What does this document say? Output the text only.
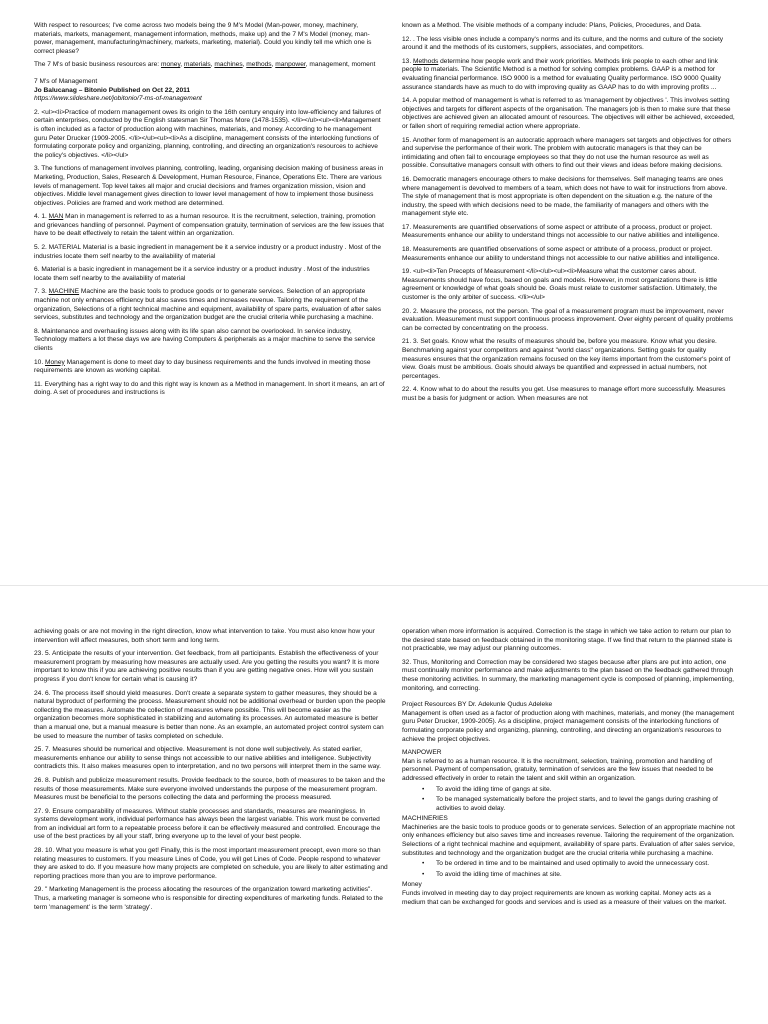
With respect to resources; I've come across two models being the 9 M's Model (Man-power, money, machinery, materials, markets, management, management information, methods, make up) and the 7 M's Model (money, man-power, management, manufacturing/machinery, markets, marketing, material). Could you kindly tell me which one is correct please?

The 7 M's of basic business resources are: money, materials, machines, methods, manpower, management, moment

7 M's of Management
Jo Balucanag – Bitonio Published on Oct 22, 2011
https://www.slideshare.net/jobitonio/7-ms-of-management

2. <ul><li>Practice of modern management owes its origin to the 16th century enquiry into low-efficiency and failures of certain enterprises, conducted by the English statesman Sir Thomas More (1478-1535). </li></ul><ul><li>Management is often included as a factor of production along with machines, materials, and money. According to he management guru Peter Drucker (1909-2005. </li></ul><ul><li>As a discipline, management consists of the interlocking functions of formulating corporate policy and organizing, planning, controlling, and directing an organization's resources to achieve the policy's objectives. </li></ul>

3. The functions of management involves planning, controlling, leading, organising decision making of business areas in Marketing, Production, Sales, Research & Development, Human Resource, Finance, Operations Etc. There are various levels of management. Top level takes all major and crucial decisions and frames organization mission, vision and objectives. Middle level management gives direction to lower level management of how to implement those business objectives. Policies are framed and work method are determined.

4. 1. MAN Man in management is referred to as a human resource. It is the recruitment, selection, training, promotion and grievances handling of personnel. Payment of compensation gratuity, termination of services are the few issues that have to be dealt effectively to retain the talent within an organization.

5. 2. MATERIAL Material is a basic ingredient in management be it a service industry or a product industry . Most of the industries locate them self nearby to the availability of material

6. Material is a basic ingredient in management be it a service industry or a product industry . Most of the industries locate them self nearby to the availability of material

7. 3. MACHINE Machine are the basic tools to produce goods or to generate services. Selection of an appropriate machine not only enhances efficiency but also saves times and increases revenue. Tailoring the requirement of the organization, Selections of a right technical machine and equipment, availability of spare parts, evaluation of after sales services, substitutes and technology and the organization budget are the crucial criteria while purchasing a machine.

8. Maintenance and overhauling issues along with its life span also cannot be overlooked. In service industry, Technology matters a lot these days we are having Computers & peripherals as a major machine to serve the service clients

10. Money Management is done to meet day to day business requirements and the funds involved in meeting those requirements are known as working capital.

11. Everything has a right way to do and this right way is known as a Method in management. In short it means, an art of doing. A set of procedures and instructions is

known as a Method. The visible methods of a company include: Plans, Policies, Procedures, and Data.

12. . The less visible ones include a company's norms and its culture, and the norms and culture of the society around it and the methods of its customers, suppliers, associates, and competitors.

13. Methods determine how people work and their work priorities. Methods link people to each other and link people to materials. The Scientific Method is a method for solving complex problems. GAAP is a method for evaluating financial performance. ISO 9000 is a method for evaluating Quality performance. ISO 9000 Quality assurance standards have as much to do with improving quality as GAAP has to do with improving profits ...

14. A popular method of management is what is referred to as 'management by objectives '. This involves setting objectives and targets for different aspects of the organisation. The managers job is then to make sure that these objectives are achieved given an allocated amount of resources. The objectives will either be achieved, exceeded, or fallen short of requiring remedial action where appropriate.

15. Another form of management is an autocratic approach where managers set targets and objectives for others and supervise the performance of their work. The problem with autocratic managers is that they can be intimidating and often fail to encourage employees so that they do not use the human resource as well as possible. Consultative managers consult with others to find out their views and ideas before making decisions.

16. Democratic managers encourage others to make decisions for themselves. Self managing teams are ones where management is devolved to members of a team, which does not have to wait for instructions from above. The style of management that is most appropriate is often dependent on the situation e.g. the nature of the industry, the speed with which decisions need to be made, the familiarity of managers and others with the management style etc.

17. Measurements are quantified observations of some aspect or attribute of a process, product or project. Measurements enhance our ability to understand things not accessible to our native abilities and intelligence.

18. Measurements are quantified observations of some aspect or attribute of a process, product or project. Measurements enhance our ability to understand things not accessible to our native abilities and intelligence.

19. <ul><li>Ten Precepts of Measurement </li></ul><ul><li>Measure what the customer cares about. Measurements should have focus, based on goals and models. However, in most organizations there is little agreement or knowledge of what goals should be. Goals must relate to customer satisfaction. Ultimately, the customer is the only arbiter of success. </li></ul>

20. 2. Measure the process, not the person. The goal of a measurement program must be improvement, never evaluation. Measurement must support continuous process improvement. Over eighty percent of quality problems can be corrected by concentrating on the process.

21. 3. Set goals. Know what the results of measures should be, before you measure. Know what you desire. Benchmarking against your competitors and against "world class" organizations. Setting goals for quality measures ensures that the organization remains focused on the key items important from the customer's point of view. Goals must be ambitious. Goals should always be quantified and expressed in actual numbers, not percentages.

22. 4. Know what to do about the results you get. Use measures to manage effort more successfully. Measures must be a basis for judgment or action. When measures are not

achieving goals or are not moving in the right direction, know what intervention to take. You must also know how your intervention will affect measures, both short term and long term.

23. 5. Anticipate the results of your intervention. Get feedback, from all participants. Establish the effectiveness of your measurement program by measuring how measures are actually used. Are you getting the results you want? It is more important to know this if you are achieving positive results than if you are getting negative ones. How will you sustain progress if you don't know for certain what is causing it?

24. 6. The process itself should yield measures. Don't create a separate system to gather measures, they should be a natural byproduct of performing the process. Measurement should not be additional overhead or burden upon the people collecting the measures. Automate the collection of measures where possible. This will become easier as the organization becomes more sophisticated in stabilizing and automating its processes. An automated measure is better than a manual one, but a manual measure is better than none. As an example, an automated project control system can be used to measure the number of tasks completed on schedule.

25. 7. Measures should be numerical and objective. Measurement is not done well subjectively. As stated earlier, measurements enhance our ability to sense things not accessible to our native abilities and intelligence. Subjectivity contradicts this. It also makes measures open to interpretation, and no two persons will interpret them in the same way.

26. 8. Publish and publicize measurement results. Provide feedback to the source, both of measures to be taken and the results of those measurements. Make sure everyone involved understands the purpose of the measurement program. Measures must be beneficial to the persons collecting the data and performing the process measured.

27. 9. Ensure comparability of measures. Without stable processes and standards, measures are meaningless. In systems development work, individual performance has always been the largest variable. This work must be converted from an individual art form to a repeatable process before it can be effectively measured and controlled. Encourage the use of the best practices by all your staff, bring everyone up to the level of your best people.

28. 10. What you measure is what you get! Finally, this is the most important measurement precept, even more so than relating measures to customers. If you measure Lines of Code, you will get Lines of Code. People respond to whatever they are asked to do. If you measure how many projects are completed on schedule, you are likely to alter estimating and reporting practices more than you are to improve performance.

29. " Marketing Management is the process allocating the resources of the organization toward marketing activities". Thus, a marketing manager is someone who is responsible for directing expenditures of marketing funds. Related to the term 'management' is the term 'strategy'.

operation when more information is acquired. Correction is the stage in which we take action to return our plan to the desired state based on feedback obtained in the monitoring stage. If we find that return to the planned state is not practicable, we may adjust our planning outcomes.

32. Thus, Monitoring and Correction may be considered two stages because after plans are put into action, one must continually monitor performance and make adjustments to the plan based on the feedback gathered through these monitoring activities. In summary, the marketing management cycle is composed of planning, implementing, monitoring, and correcting.

Project Resources BY Dr. Adekunle Qudus Adeleke

Management is often used as a factor of production along with machines, materials, and money (the management guru Peter Drucker, 1909-2005). As a discipline, project management consists of the interlocking functions of formulating corporate policy and organizing, planning, controlling, and directing an organization's resources to achieve the project objectives.

MANPOWER

Man is referred to as a human resource. It is the recruitment, selection, training, promotion and handling of personnel. Payment of compensation, gratuity, termination of services are the few issues that needed to be addressed effectively in order to retain the talent and skill within an organization.

• To avoid the idling time of gangs at site.
• To be managed systematically before the project starts, and to level the gangs during crashing of activities to avoid delay.

MACHINERIES

Machineries are the basic tools to produce goods or to generate services. Selection of an appropriate machine not only enhances efficiency but also saves time and increases revenue. Tailoring the requirement of the organization. Selections of a right technical machine and equipment, availability of spare parts. Evaluation of after sales service, substitutes and technology and the organization budget are the crucial criteria while purchasing a machine.

• To be ordered in time and to be maintained and used optimally to avoid the unnecessary cost.
• To avoid the idling time of machines at site.

Money

Funds involved in meeting day to day project requirements are known as working capital. Money acts as a medium that can be exchanged for goods and services and is used as a measure of their values on the market.
